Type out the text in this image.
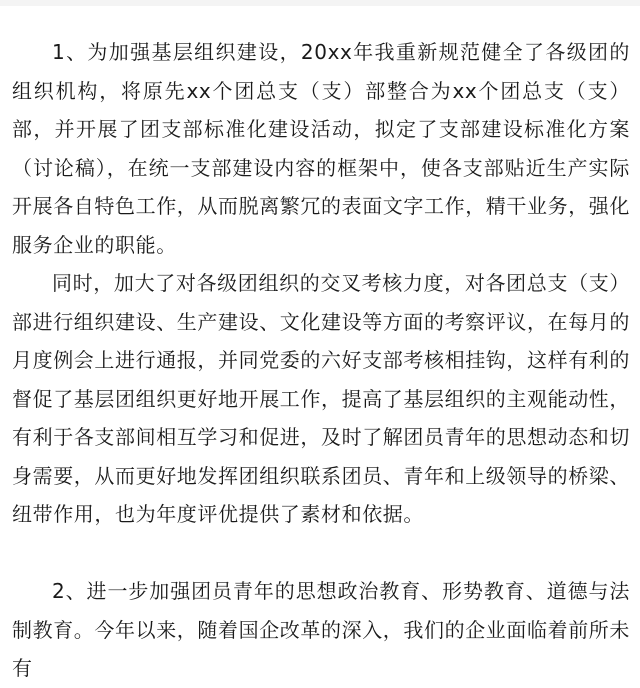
1、为加强基层组织建设，20xx年我重新规范健全了各级团的组织机构，将原先xx个团总支（支）部整合为xx个团总支（支）部，并开展了团支部标准化建设活动，拟定了支部建设标准化方案（讨论稿），在统一支部建设内容的框架中，使各支部贴近生产实际开展各自特色工作，从而脱离繁冗的表面文字工作，精干业务，强化服务企业的职能。

同时，加大了对各级团组织的交叉考核力度，对各团总支（支）部进行组织建设、生产建设、文化建设等方面的考察评议，在每月的月度例会上进行通报，并同党委的六好支部考核相挂钩，这样有利的督促了基层团组织更好地开展工作，提高了基层组织的主观能动性，有利于各支部间相互学习和促进，及时了解团员青年的思想动态和切身需要，从而更好地发挥团组织联系团员、青年和上级领导的桥梁、纽带作用，也为年度评优提供了素材和依据。

2、进一步加强团员青年的思想政治教育、形势教育、道德与法制教育。今年以来，随着国企改革的深入，我们的企业面临着前所未有
